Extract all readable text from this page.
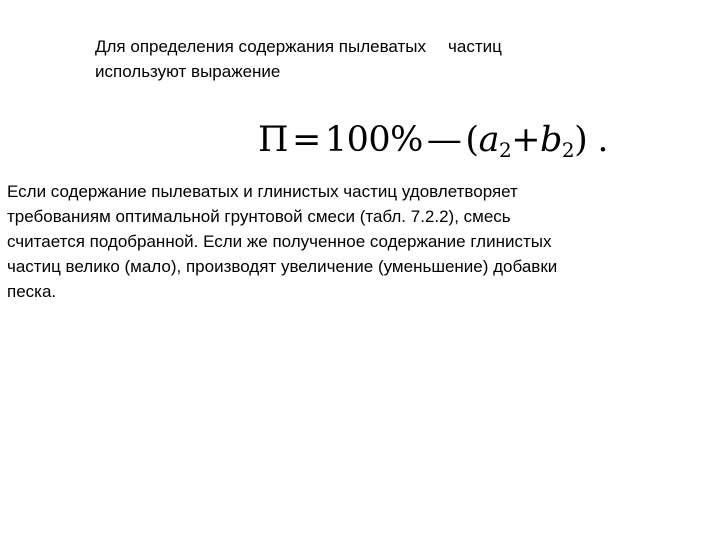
Для определения содержания пылеватых частиц
используют выражение
П = 100% — $(a_2+b_2)$ .
Если содержание пылеватых и глинистых частиц удовлетворяет
требованиям оптимальной грунтовой смеси (табл. 7.2.2), смесь
считается подобранной. Если же полученное содержание глинистых
частиц велико (мало), производят увеличение (уменьшение) добавки
песка.
